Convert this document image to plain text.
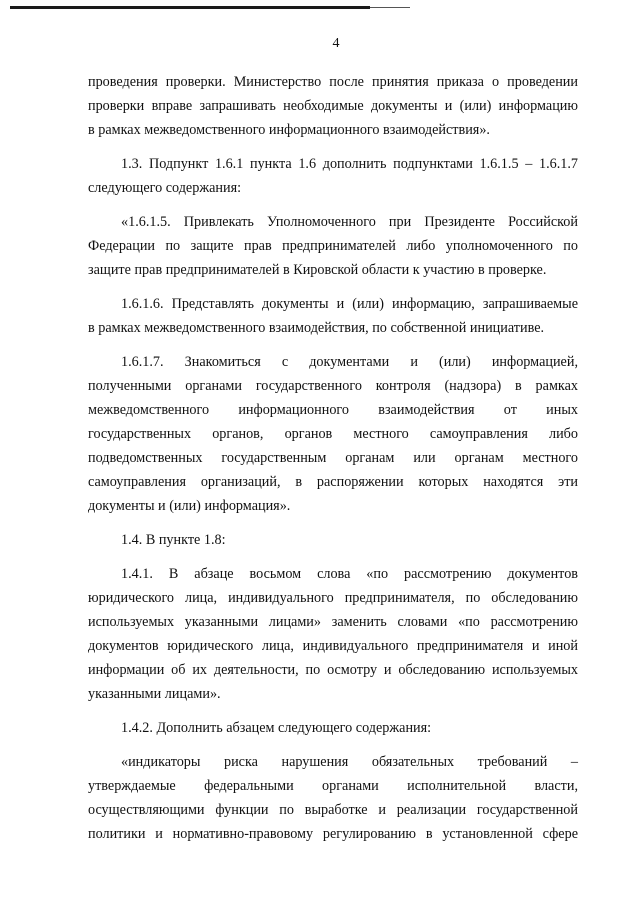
4
проведения проверки. Министерство после принятия приказа о проведении
проверки вправе запрашивать необходимые документы и (или) информацию
в рамках межведомственного информационного взаимодействия».
1.3. Подпункт 1.6.1 пункта 1.6 дополнить подпунктами 1.6.1.5 – 1.6.1.7
следующего содержания:
«1.6.1.5. Привлекать Уполномоченного при Президенте Российской
Федерации по защите прав предпринимателей либо уполномоченного по
защите прав предпринимателей в Кировской области к участию в проверке.
1.6.1.6. Представлять документы и (или) информацию, запрашиваемые
в рамках межведомственного взаимодействия, по собственной инициативе.
1.6.1.7. Знакомиться с документами и (или) информацией,
полученными органами государственного контроля (надзора) в рамках
межведомственного информационного взаимодействия от иных
государственных органов, органов местного самоуправления либо
подведомственных государственным органам или органам местного
самоуправления организаций, в распоряжении которых находятся эти
документы и (или) информация».
1.4. В пункте 1.8:
1.4.1. В абзаце восьмом слова «по рассмотрению документов
юридического лица, индивидуального предпринимателя, по обследованию
используемых указанными лицами» заменить словами «по рассмотрению
документов юридического лица, индивидуального предпринимателя и иной
информации об их деятельности, по осмотру и обследованию используемых
указанными лицами».
1.4.2. Дополнить абзацем следующего содержания:
«индикаторы риска нарушения обязательных требований –
утверждаемые федеральными органами исполнительной власти,
осуществляющими функции по выработке и реализации государственной
политики и нормативно-правовому регулированию в установленной сфере
